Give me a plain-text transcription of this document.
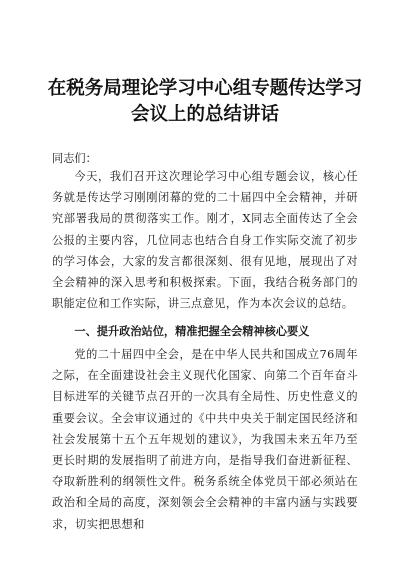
在税务局理论学习中心组专题传达学习会议上的总结讲话
同志们：
今天，我们召开这次理论学习中心组专题会议，核心任务就是传达学习刚刚闭幕的党的二十届四中全会精神，并研究部署我局的贯彻落实工作。刚才，X同志全面传达了全会公报的主要内容，几位同志也结合自身工作实际交流了初步的学习体会，大家的发言都很深刻、很有见地，展现出了对全会精神的深入思考和积极探索。下面，我结合税务部门的职能定位和工作实际，讲三点意见，作为本次会议的总结。
一、提升政治站位，精准把握全会精神核心要义
党的二十届四中全会，是在中华人民共和国成立76周年之际，在全面建设社会主义现代化国家、向第二个百年奋斗目标进军的关键节点召开的一次具有全局性、历史性意义的重要会议。全会审议通过的《中共中央关于制定国民经济和社会发展第十五个五年规划的建议》，为我国未来五年乃至更长时期的发展指明了前进方向，是指导我们奋进新征程、夺取新胜利的纲领性文件。税务系统全体党员干部必须站在政治和全局的高度，深刻领会全会精神的丰富内涵与实践要求，切实把思想和
